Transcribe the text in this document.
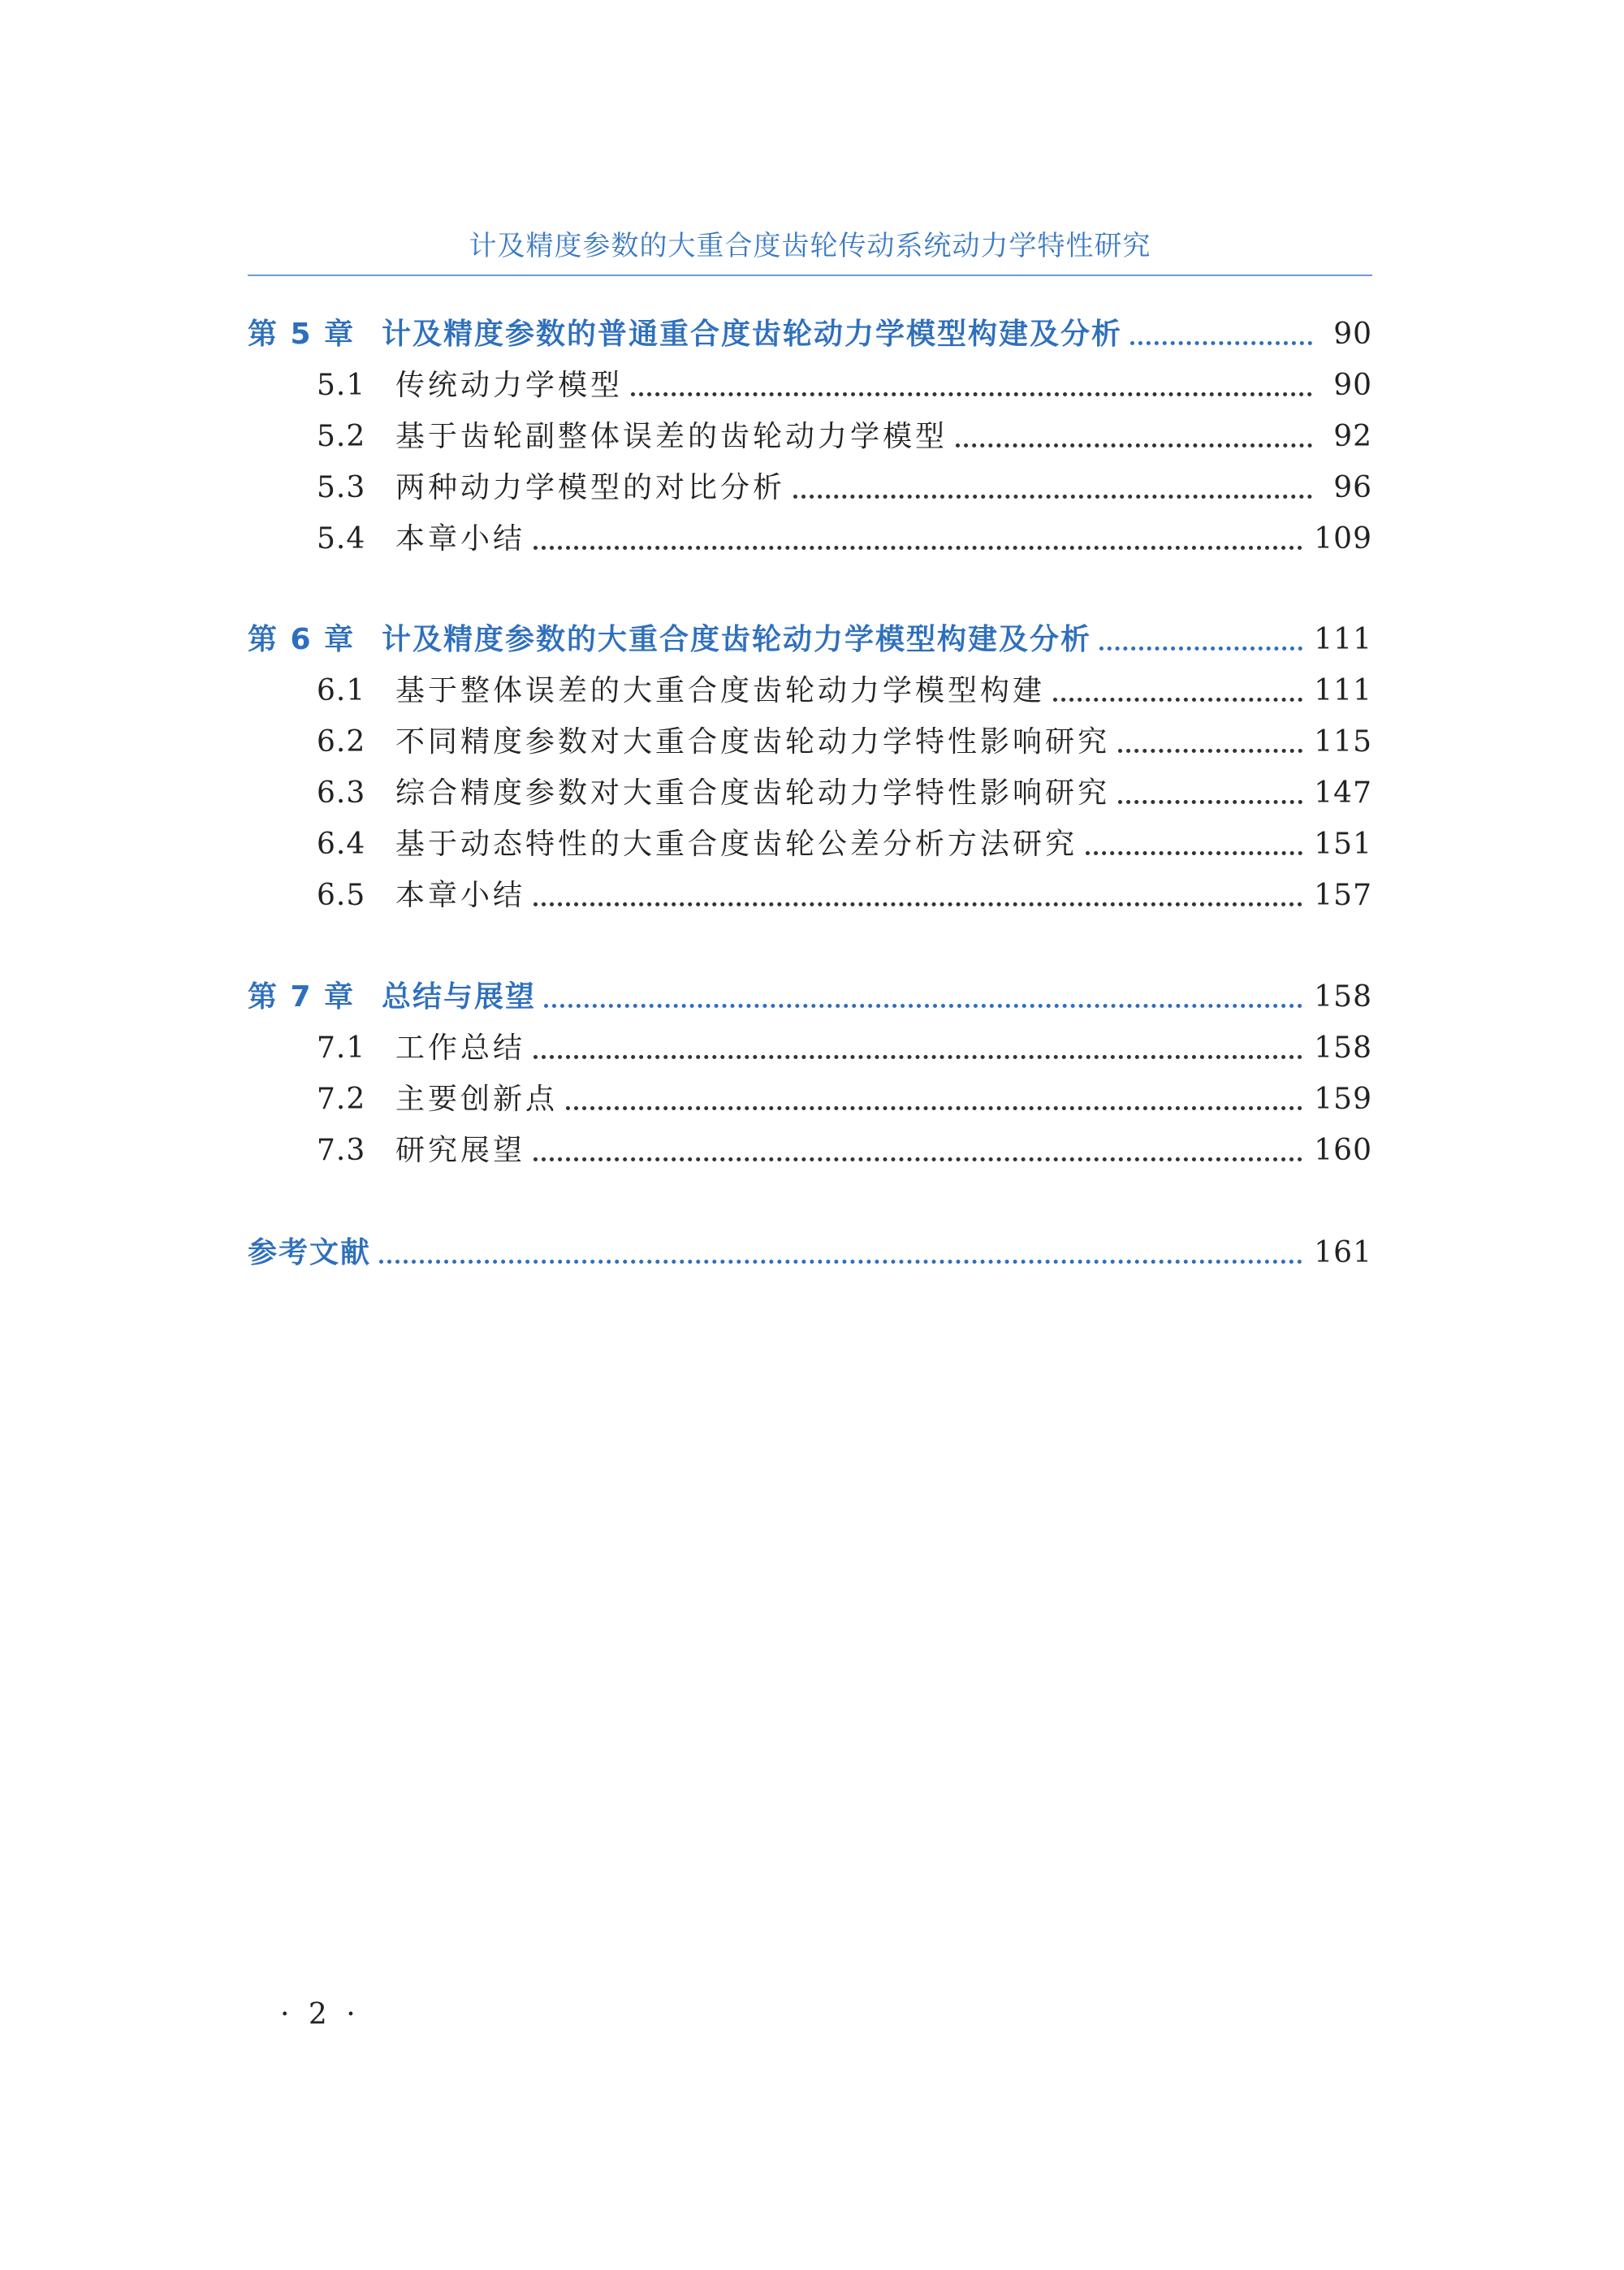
计及精度参数的大重合度齿轮传动系统动力学特性研究
第 5 章 计及精度参数的普通重合度齿轮动力学模型构建及分析	90
5.1	传统动力学模型	90
5.2	基于齿轮副整体误差的齿轮动力学模型	92
5.3	两种动力学模型的对比分析	96
5.4	本章小结	109
第 6 章 计及精度参数的大重合度齿轮动力学模型构建及分析	111
6.1	基于整体误差的大重合度齿轮动力学模型构建	111
6.2	不同精度参数对大重合度齿轮动力学特性影响研究	115
6.3	综合精度参数对大重合度齿轮动力学特性影响研究	147
6.4	基于动态特性的大重合度齿轮公差分析方法研究	151
6.5	本章小结	157
第 7 章 总结与展望	158
7.1	工作总结	158
7.2	主要创新点	159
7.3	研究展望	160
参考文献	161
· 2 ·
